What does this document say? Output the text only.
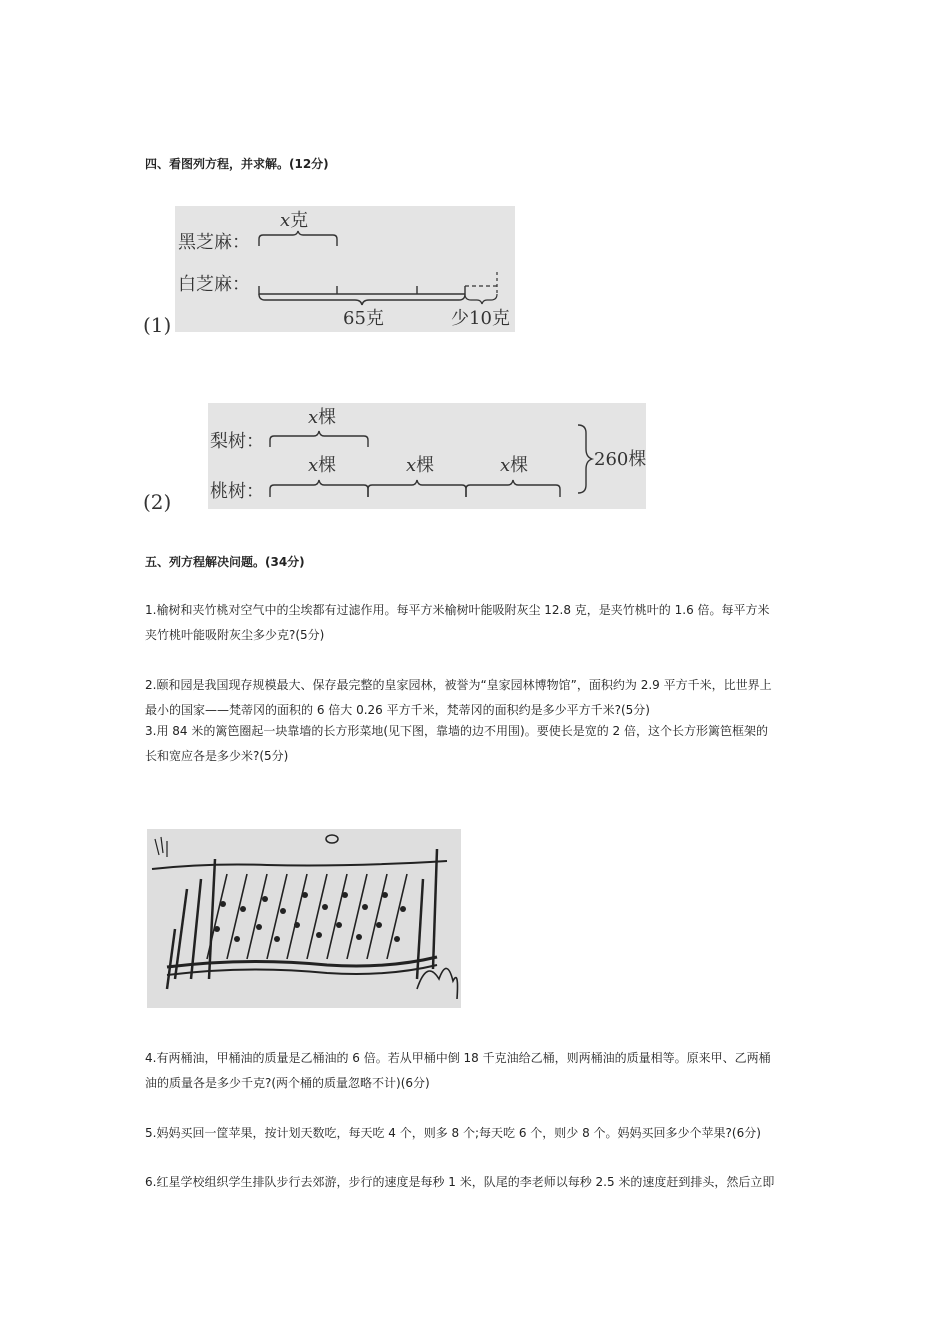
四、看图列方程，并求解。(12分)
(1)
x克
黑芝麻：
白芝麻：
65克	少10克
(2)
x棵
梨树：
x棵	x棵	x棵
桃树：
260棵
五、列方程解决问题。(34分)
1.榆树和夹竹桃对空气中的尘埃都有过滤作用。每平方米榆树叶能吸附灰尘 12.8 克，是夹竹桃叶的 1.6 倍。每平方米
夹竹桃叶能吸附灰尘多少克?(5分)
2.颐和园是我国现存规模最大、保存最完整的皇家园林，被誉为“皇家园林博物馆”，面积约为 2.9 平方千米，比世界上
最小的国家——梵蒂冈的面积的 6 倍大 0.26 平方千米，梵蒂冈的面积约是多少平方千米?(5分)
3.用 84 米的篱笆圈起一块靠墙的长方形菜地(见下图，靠墙的边不用围)。要使长是宽的 2 倍，这个长方形篱笆框架的
长和宽应各是多少米?(5分)
4.有两桶油，甲桶油的质量是乙桶油的 6 倍。若从甲桶中倒 18 千克油给乙桶，则两桶油的质量相等。原来甲、乙两桶
油的质量各是多少千克?(两个桶的质量忽略不计)(6分)
5.妈妈买回一筐苹果，按计划天数吃，每天吃 4 个，则多 8 个;每天吃 6 个，则少 8 个。妈妈买回多少个苹果?(6分)
6.红星学校组织学生排队步行去郊游，步行的速度是每秒 1 米，队尾的李老师以每秒 2.5 米的速度赶到排头，然后立即
